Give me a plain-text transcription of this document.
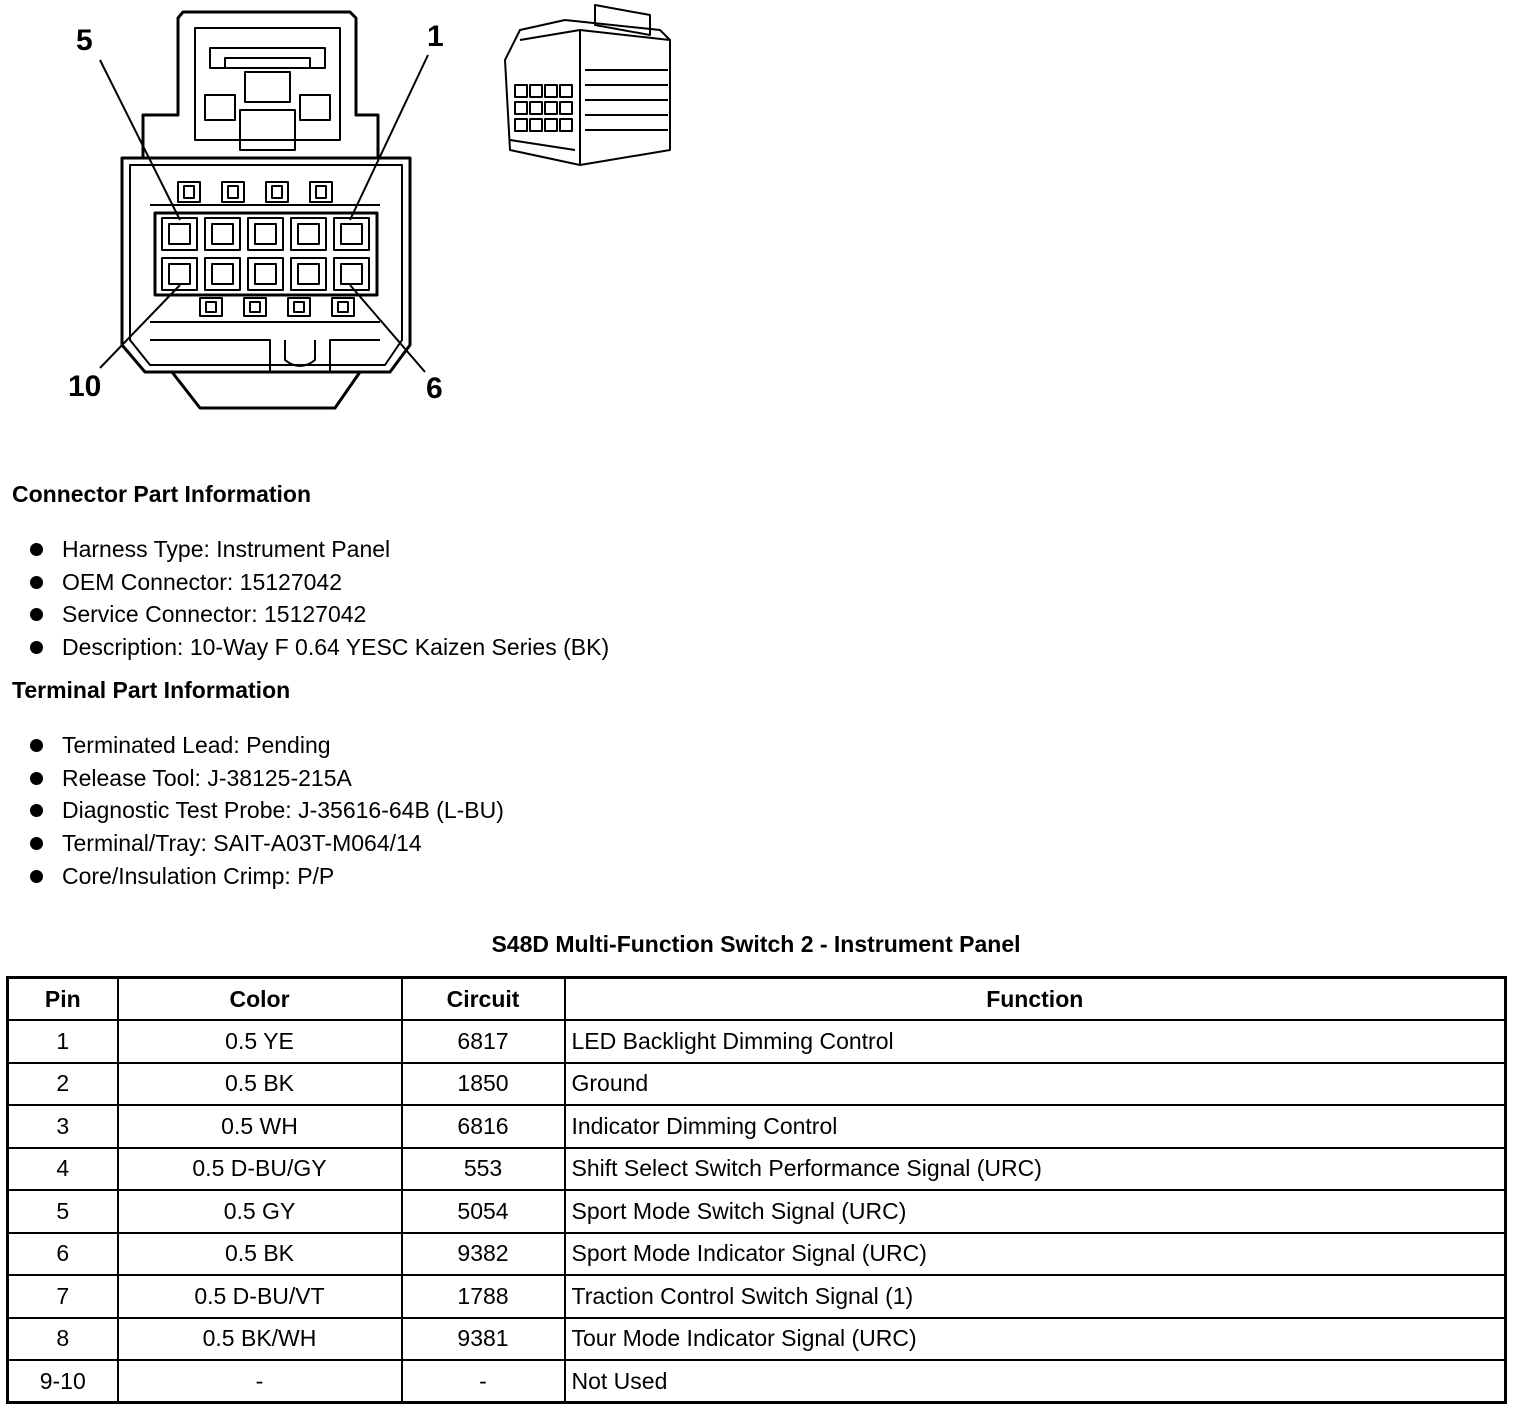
5	1
10	6
Connector Part Information
Harness Type: Instrument Panel
OEM Connector: 15127042
Service Connector: 15127042
Description: 10-Way F 0.64 YESC Kaizen Series (BK)
Terminal Part Information
Terminated Lead: Pending
Release Tool: J-38125-215A
Diagnostic Test Probe: J-35616-64B (L-BU)
Terminal/Tray: SAIT-A03T-M064/14
Core/Insulation Crimp: P/P
S48D Multi-Function Switch 2 - Instrument Panel
Pin	Color	Circuit	Function
1	0.5 YE	6817	LED Backlight Dimming Control
2	0.5 BK	1850	Ground
3	0.5 WH	6816	Indicator Dimming Control
4	0.5 D-BU/GY	553	Shift Select Switch Performance Signal (URC)
5	0.5 GY	5054	Sport Mode Switch Signal (URC)
6	0.5 BK	9382	Sport Mode Indicator Signal (URC)
7	0.5 D-BU/VT	1788	Traction Control Switch Signal (1)
8	0.5 BK/WH	9381	Tour Mode Indicator Signal (URC)
9-10	-	-	Not Used
